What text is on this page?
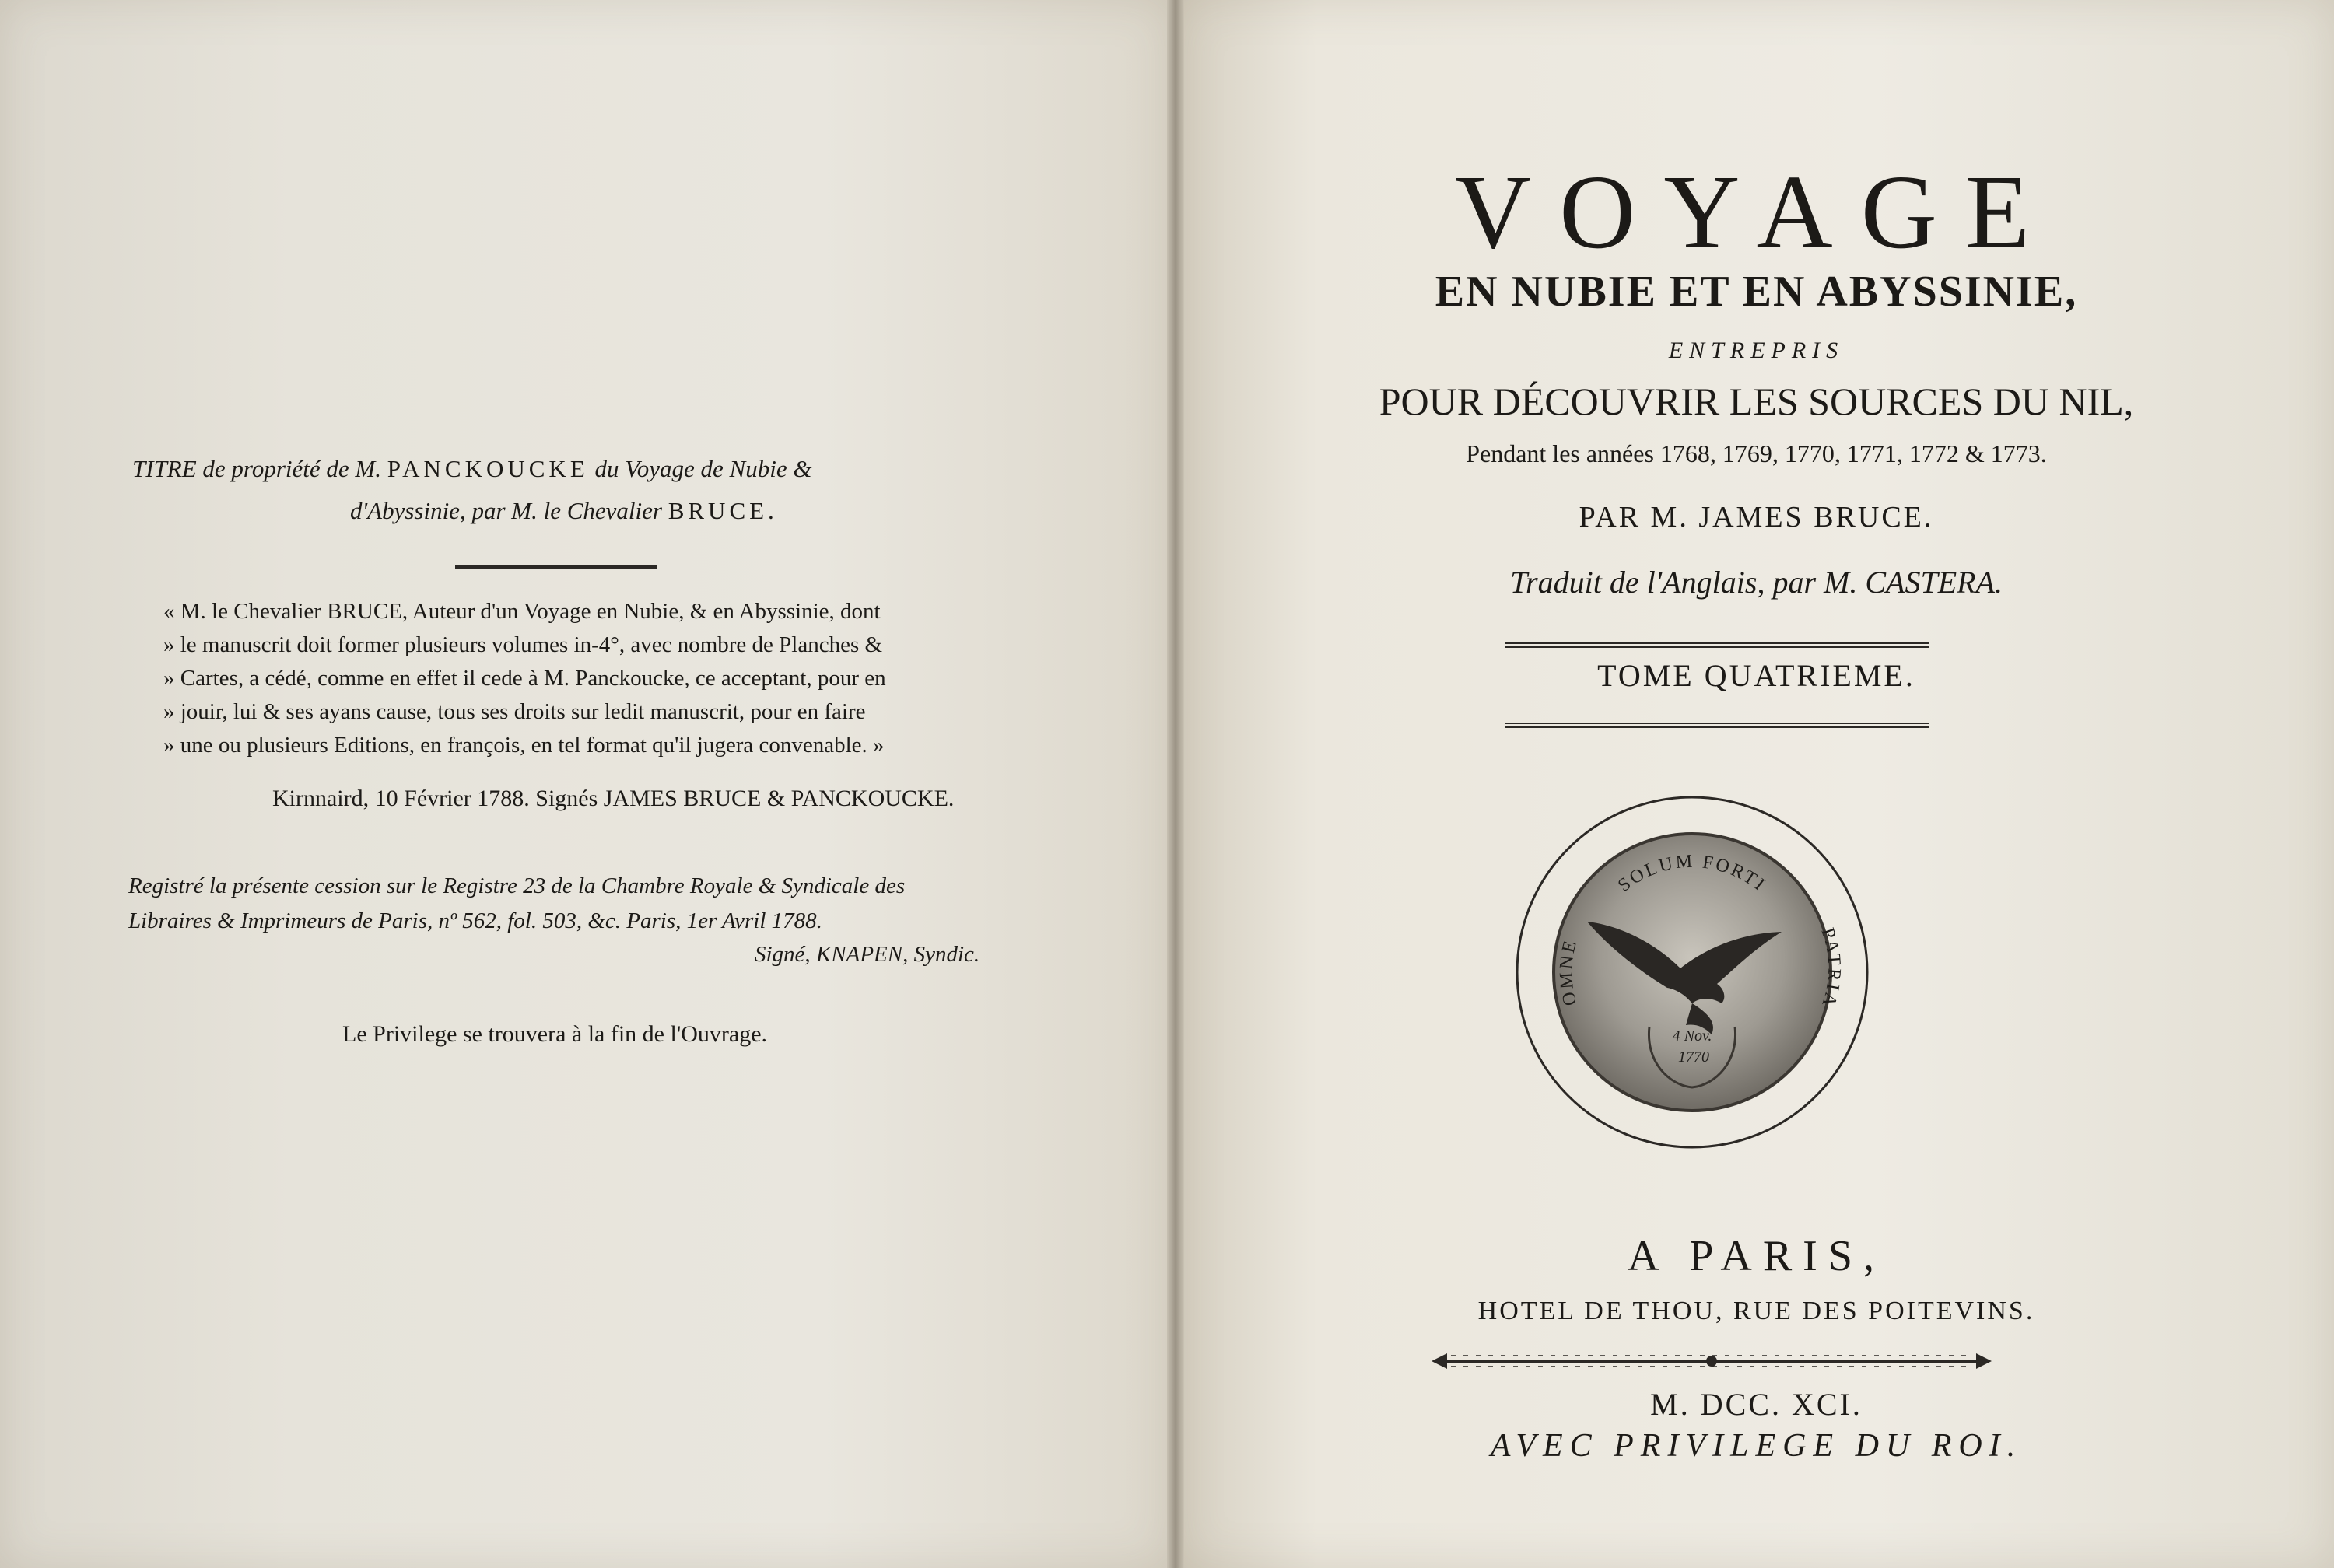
TITRE de propriété de M. PANCKOUCKE du Voyage de Nubie &
d'Abyssinie, par M. le Chevalier BRUCE.
« M. le Chevalier BRUCE, Auteur d'un Voyage en Nubie, & en Abyssinie, dont
» le manuscrit doit former plusieurs volumes in-4°, avec nombre de Planches &
» Cartes, a cédé, comme en effet il cede à M. Panckoucke, ce acceptant, pour en
» jouir, lui & ses ayans cause, tous ses droits sur ledit manuscrit, pour en faire
» une ou plusieurs Editions, en françois, en tel format qu'il jugera convenable. »
Kirnnaird, 10 Février 1788. Signés JAMES BRUCE & PANCKOUCKE.
Registré la présente cession sur le Registre 23 de la Chambre Royale & Syndicale des
Libraires & Imprimeurs de Paris, nº 562, fol. 503, &c. Paris, 1er Avril 1788.
Signé, KNAPEN, Syndic.
Le Privilege se trouvera à la fin de l'Ouvrage.
VOYAGE
EN NUBIE ET EN ABYSSINIE,
ENTREPRIS
POUR DÉCOUVRIR LES SOURCES DU NIL,
Pendant les années 1768, 1769, 1770, 1771, 1772 & 1773.
PAR M. JAMES BRUCE.
Traduit de l'Anglais, par M. CASTERA.
TOME QUATRIEME.
SOLUM FORTI
OMNE
PATRIA
4 Nov.
1770
A PARIS,
HOTEL DE THOU, RUE DES POITEVINS.
M. DCC. XCI.
AVEC PRIVILEGE DU ROI.
